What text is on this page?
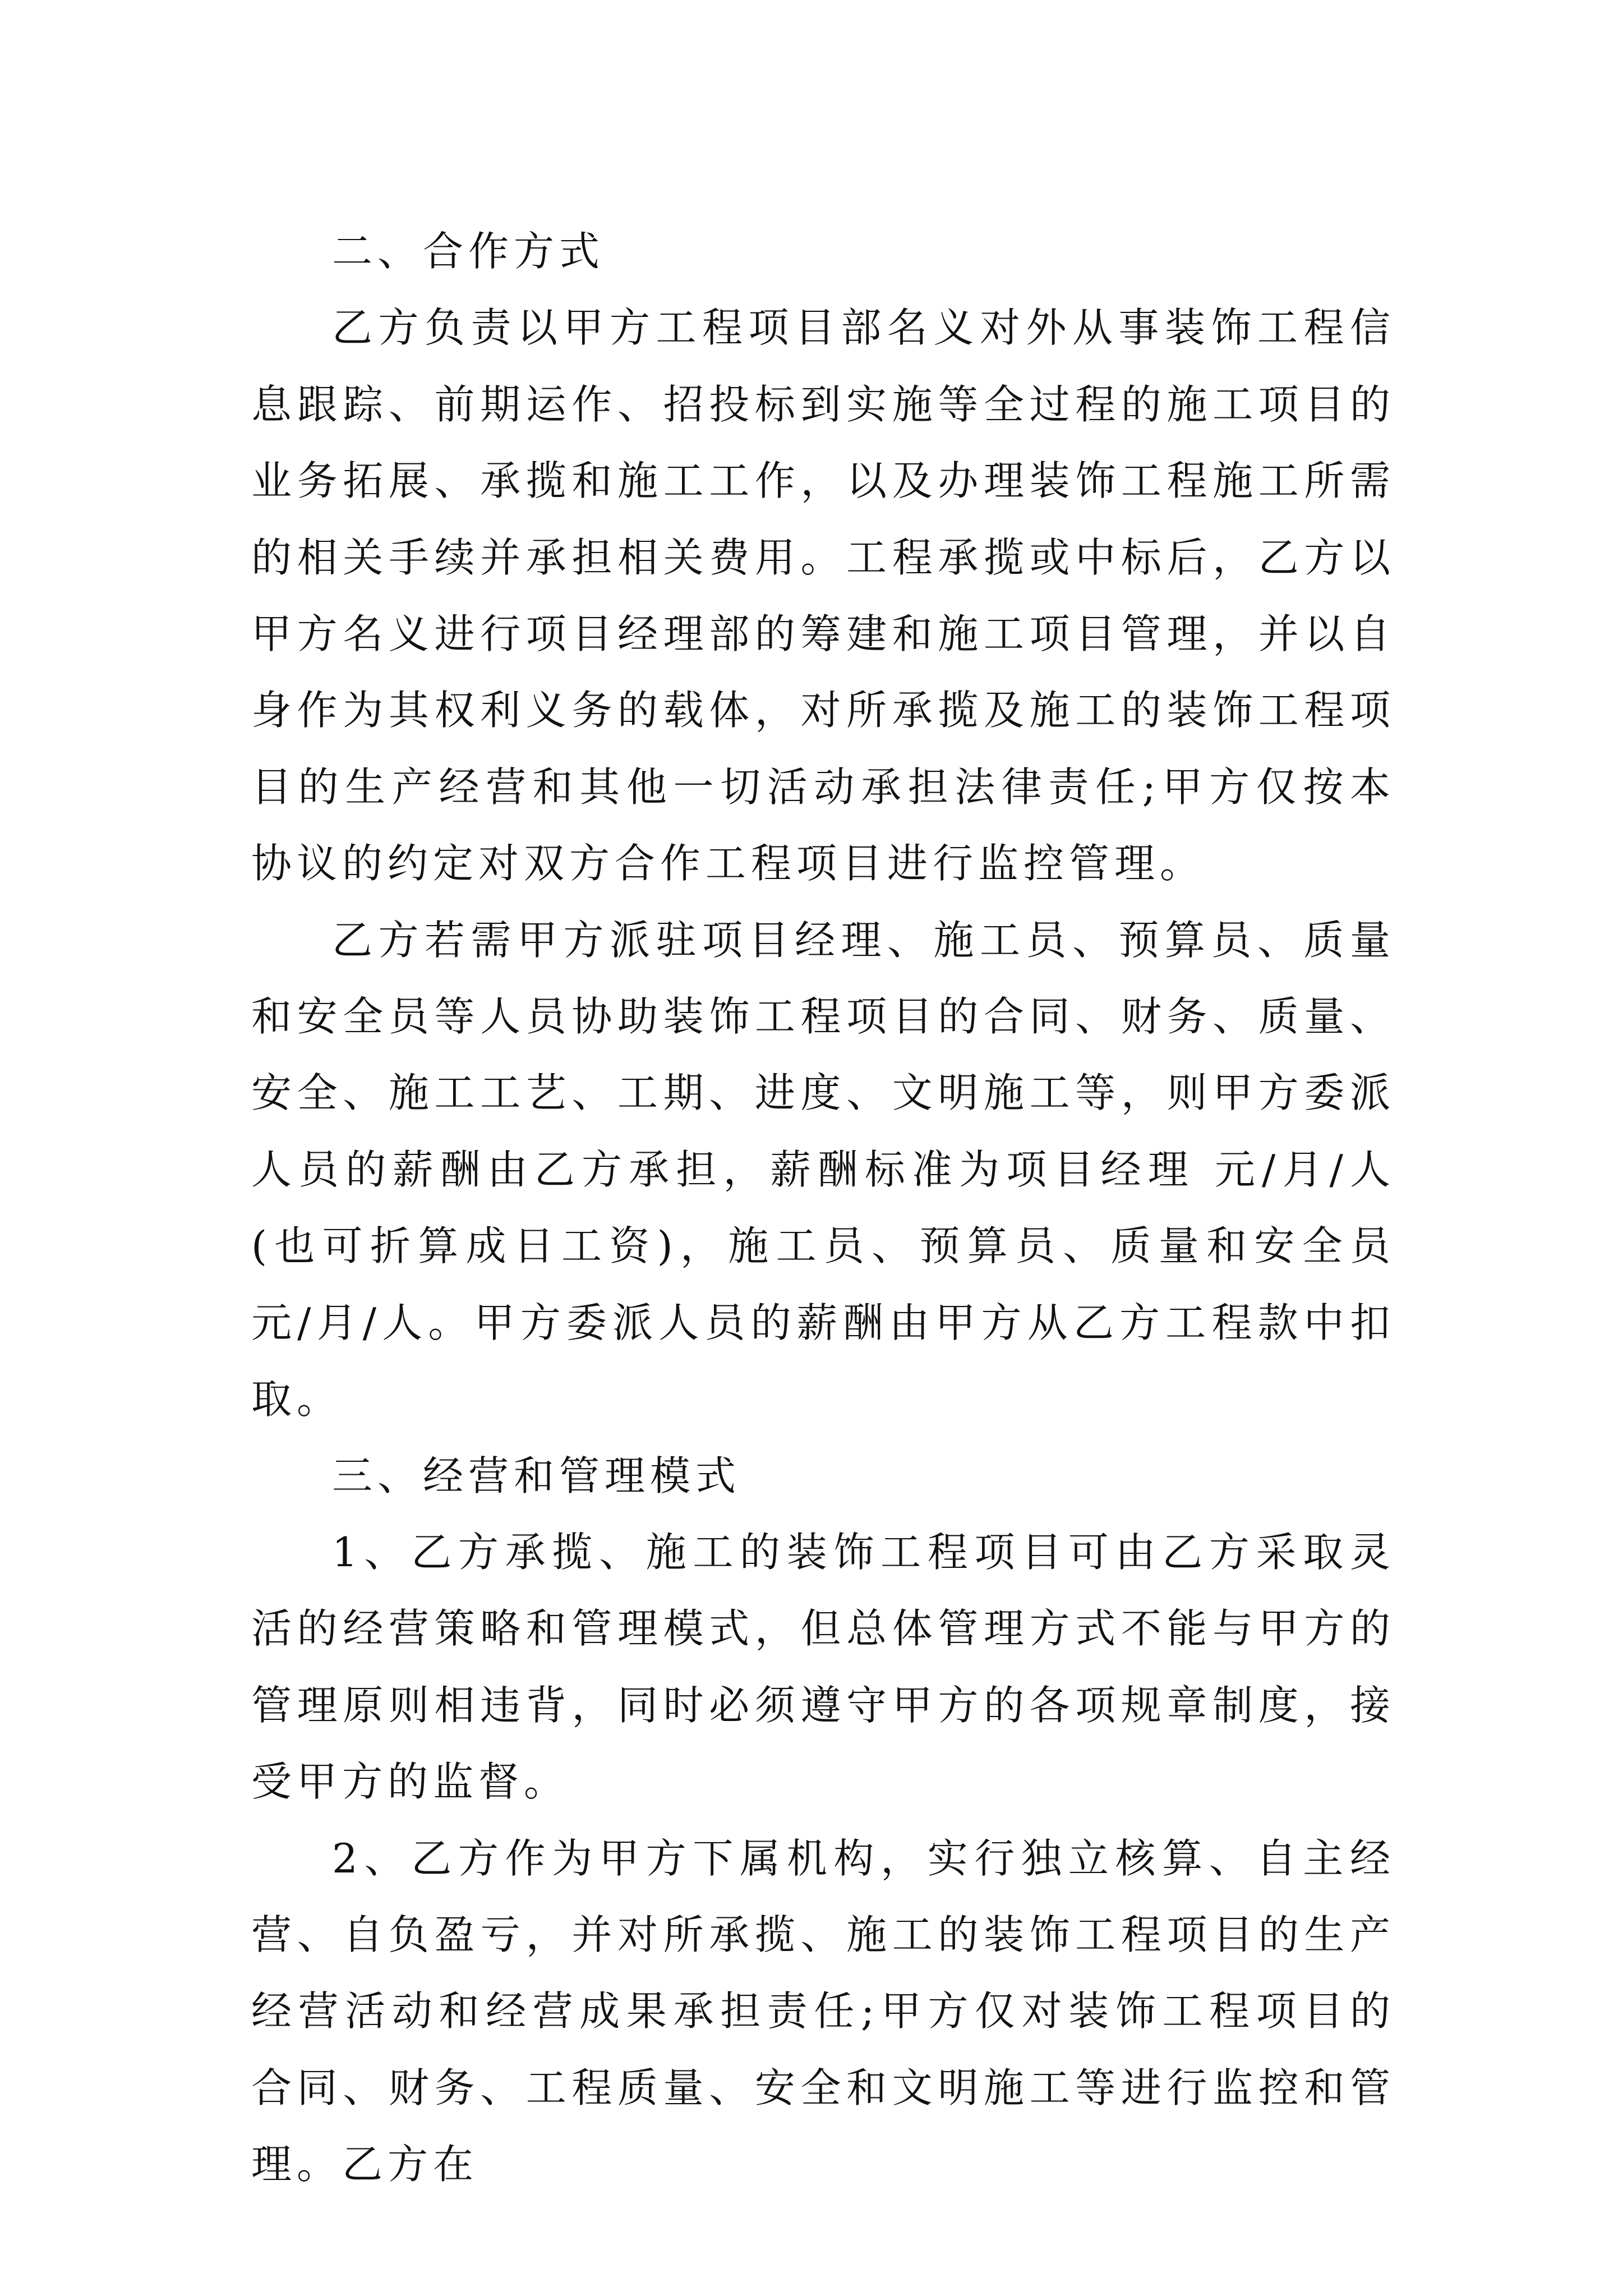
二、合作方式

乙方负责以甲方工程项目部名义对外从事装饰工程信息跟踪、前期运作、招投标到实施等全过程的施工项目的业务拓展、承揽和施工工作，以及办理装饰工程施工所需的相关手续并承担相关费用。工程承揽或中标后，乙方以甲方名义进行项目经理部的筹建和施工项目管理，并以自身作为其权利义务的载体，对所承揽及施工的装饰工程项目的生产经营和其他一切活动承担法律责任;甲方仅按本协议的约定对双方合作工程项目进行监控管理。

乙方若需甲方派驻项目经理、施工员、预算员、质量和安全员等人员协助装饰工程项目的合同、财务、质量、安全、施工工艺、工期、进度、文明施工等，则甲方委派人员的薪酬由乙方承担，薪酬标准为项目经理 元/月/人(也可折算成日工资)，施工员、预算员、质量和安全员 元/月/人。甲方委派人员的薪酬由甲方从乙方工程款中扣取。

三、经营和管理模式

1、乙方承揽、施工的装饰工程项目可由乙方采取灵活的经营策略和管理模式，但总体管理方式不能与甲方的管理原则相违背，同时必须遵守甲方的各项规章制度，接受甲方的监督。

2、乙方作为甲方下属机构，实行独立核算、自主经营、自负盈亏，并对所承揽、施工的装饰工程项目的生产经营活动和经营成果承担责任;甲方仅对装饰工程项目的合同、财务、工程质量、安全和文明施工等进行监控和管理。乙方在
